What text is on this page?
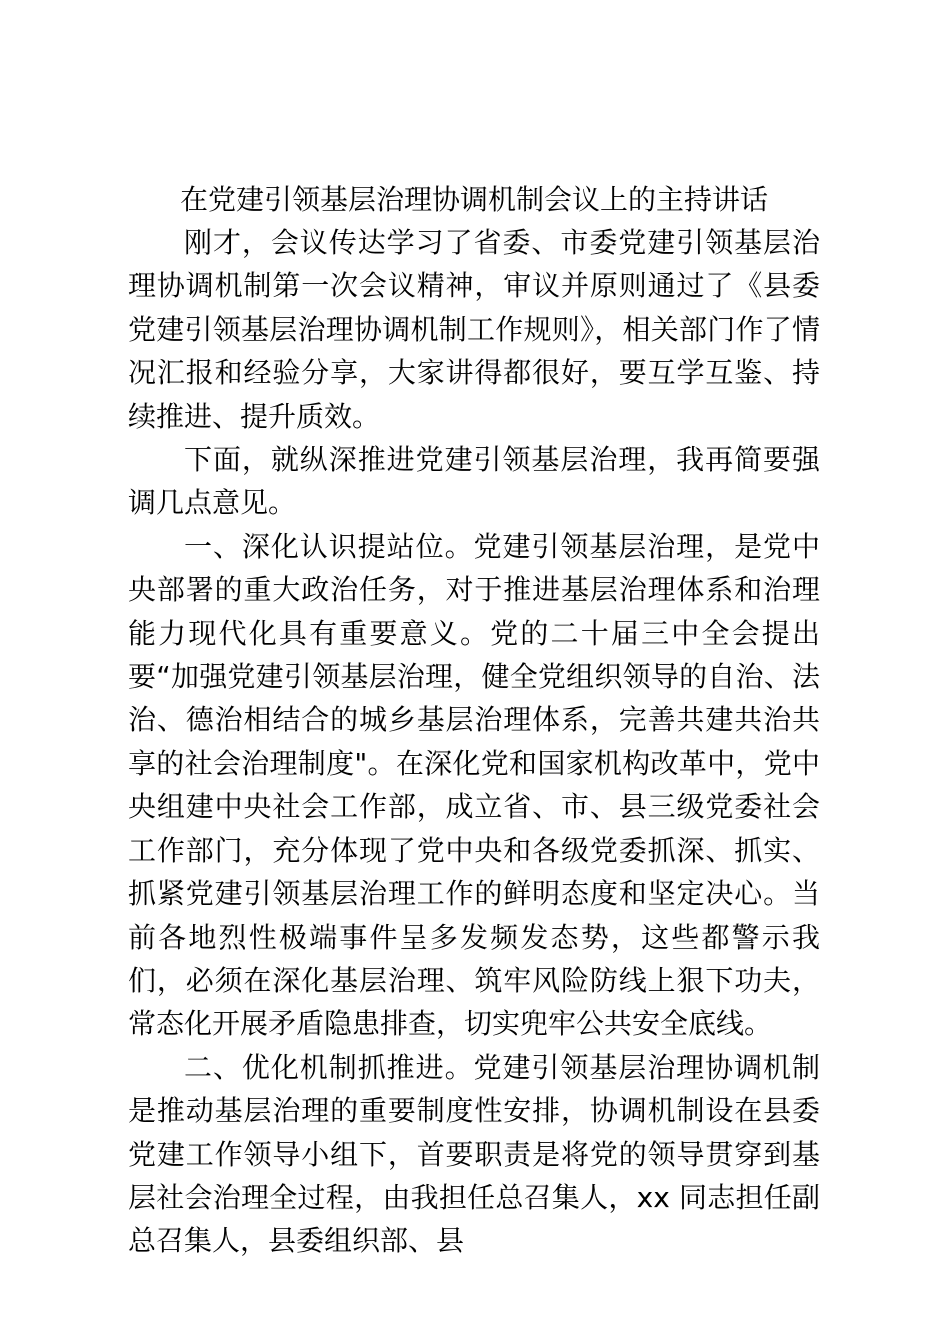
在党建引领基层治理协调机制会议上的主持讲话

刚才，会议传达学习了省委、市委党建引领基层治理协调机制第一次会议精神，审议并原则通过了《县委党建引领基层治理协调机制工作规则》，相关部门作了情况汇报和经验分享，大家讲得都很好，要互学互鉴、持续推进、提升质效。

下面，就纵深推进党建引领基层治理，我再简要强调几点意见。

一、深化认识提站位。党建引领基层治理，是党中央部署的重大政治任务，对于推进基层治理体系和治理能力现代化具有重要意义。党的二十届三中全会提出要“加强党建引领基层治理，健全党组织领导的自治、法治、德治相结合的城乡基层治理体系，完善共建共治共享的社会治理制度"。在深化党和国家机构改革中，党中央组建中央社会工作部，成立省、市、县三级党委社会工作部门，充分体现了党中央和各级党委抓深、抓实、抓紧党建引领基层治理工作的鲜明态度和坚定决心。当前各地烈性极端事件呈多发频发态势，这些都警示我们，必须在深化基层治理、筑牢风险防线上狠下功夫，常态化开展矛盾隐患排查，切实兜牢公共安全底线。

二、优化机制抓推进。党建引领基层治理协调机制是推动基层治理的重要制度性安排，协调机制设在县委党建工作领导小组下，首要职责是将党的领导贯穿到基层社会治理全过程，由我担任总召集人，xx 同志担任副总召集人，县委组织部、县
